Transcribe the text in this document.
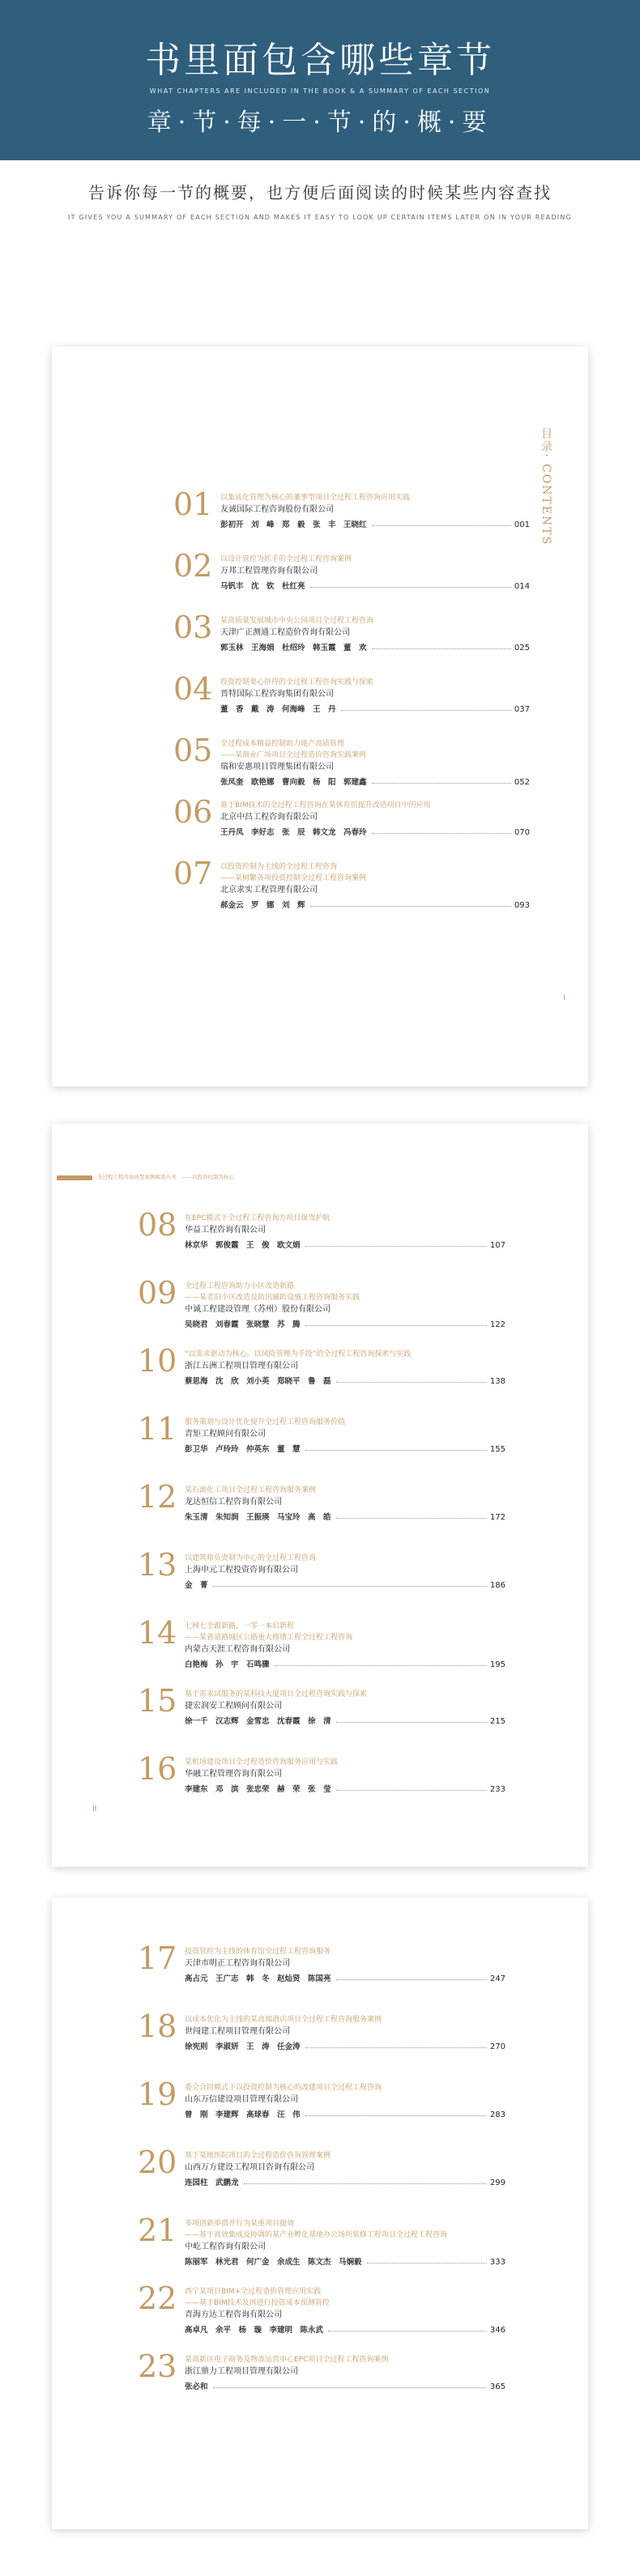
书里面包含哪些章节
WHAT CHAPTERS ARE INCLUDED IN THE BOOK & A SUMMARY OF EACH SECTION
章·节·每·一·节·的·概·要
告诉你每一节的概要，也方便后面阅读的时候某些内容查找
IT GIVES YOU A SUMMARY OF EACH SECTION AND MAKES IT EASY TO LOOK UP CERTAIN ITEMS LATER ON IN YOUR READING
目录· CONTENTS
I
01 以集成化管理为核心的董事型项目全过程工程咨询应用实践
友诚国际工程咨询股份有限公司
彭初开　刘　峰　郑　毅　张　丰　王晓红	001
02 以设计管控为抓手的全过程工程咨询案例
万邦工程管理咨询有限公司
马钒丰　沈　钦　杜红亮	014
03 某高质量发展城市中央公园项目全过程工程咨询
天津广正测通工程造价咨询有限公司
郭玉林　王海娟　杜绍玲　韩玉霞　董　欢	025
04 投资控制要心挤得的全过程工程咨询实践与探索
晋特国际工程咨询集团有限公司
董　香　戴　涛　何海峰　王　丹	037
05 全过程成本精益控制助力地产高质管理
——某商业广场项目全过程造价咨询实践案例
瑞和安惠项目管理集团有限公司
张凤奎　欧艳娜　曹向毅　杨　阳　郭建鑫	052
06 基于BIM技术的全过程工程咨询在某体育馆提升改造项目中的应用
北京中昌工程咨询有限公司
王丹凤　李好志　张　辰　韩文龙　冯春玲	070
07 以投资控制为主线的全过程工程咨询
——某树繁各项投资控制全过程工程咨询案例
北京求实工程管理有限公司
郝金云　罗　娜　刘　辉	093
全过程工程咨询典型案例解读丛书　——以投资控制为核心
II
08 在EPC模式下全过程工程咨询方项目保驾护航
华益工程咨询有限公司
林京华　郭俊霞　王　俊　欧文娟	107
09 全过程工程咨询助力小区改造新路
——某老旧小区改造及防汛辅助设施工程咨询服务实践
中诚工程建设管理（苏州）股份有限公司
吴晓君　刘春霞　张晓慧　苏　腾	122
10 “以需求驱动为核心，以风险管理为手段”的全过程工程咨询探索与实践
浙江五洲工程项目管理有限公司
蔡思海　沈　欣　刘小英　郑晓平　鲁　磊	138
11 服务策划与设计优化提升全过程工程咨询服务价值
青矩工程顾问有限公司
彭卫华　卢玲玲　仲英东　董　慧	155
12 某石油化工项目全过程工程咨询服务案例
龙达恒信工程咨询有限公司
朱玉清　朱知润　王振瑛　马宝玲　高　皓	172
13 以建筑师负责制为中心的全过程工程咨询
上海申元工程投资咨询有限公司
金　菁	186
14 七网七全跟新路，一零一本启新程
——某省道路城区公路重大修缮工程全过程工程咨询
内蒙古天涯工程咨询有限公司
白艳梅　孙　宇　石鸣骤	195
15 基于需求试服务的某科技大厦项目全过程咨询实践与探索
捷宏润安工程顾问有限公司
徐一千　汉志辉　金雪忠　沈春霞　徐　清	215
16 某机场建设项目全过程造价咨询服务应用与实践
华融工程管理咨询有限公司
李建东　邓　滨　张忠荣　赫　荣　张　莹	233
17 投资管控为主线的体育馆全过程工程咨询服务
天津市明正工程咨询有限公司
高占元　王广志　韩　冬　赵灿贤　陈国亮	247
18 以成本优化为主线的某高端酒店项目全过程工程咨询服务案例
世闯建工程项目管理有限公司
徐宪则　李淑妍　王　涛　任金涛	270
19 委会合同模式下以投资控制为核心的改建项目全过程工程咨询
山东万信建设项目管理有限公司
曾　刚　李建辉　高球春　汪　伟	283
20 基于某地医院项目的全过程造价咨询管理案例
山西万方建设工程项目咨询有限公司
连园柱　武鹏龙	299
21 多项创新举措并行为某重项目提效
——基于高效集成及协调的某产业孵化基地办公场所装修工程项目全过程工程咨询
中屹工程咨询有限公司
陈丽军　林光君　何广金　余成生　陈文杰　马娴毅	333
22 西宁某项目BIM+全过程造价管理应用实践
——基于BIM技术及再进行投资成本预测管控
青海方达工程咨询有限公司
高卓凡　余平　杨　璇　李建明　陈永武	346
23 某高新区电子商务及物流运营中心EPC项目全过程工程咨询案例
浙江鼎力工程项目管理有限公司
张必和	365
